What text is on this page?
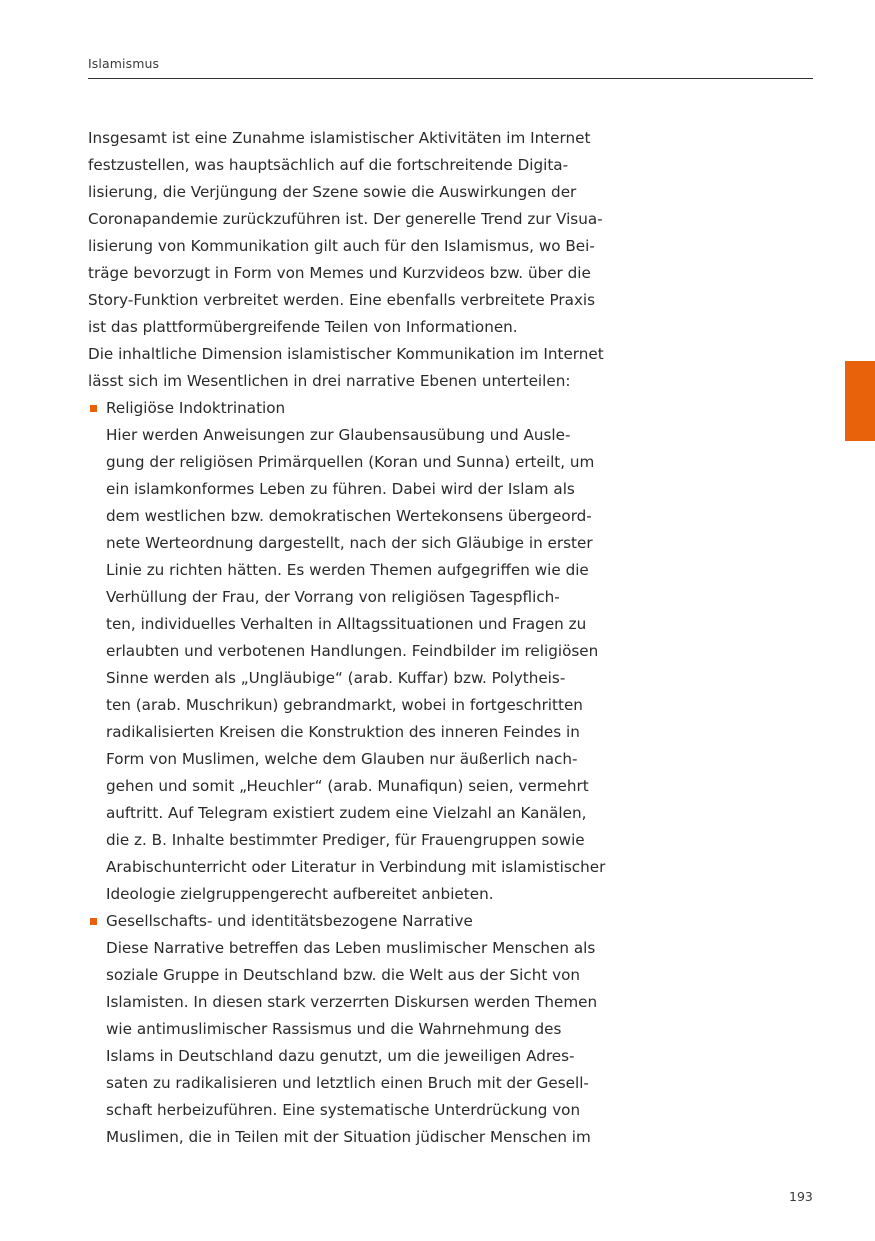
Islamismus
Insgesamt ist eine Zunahme islamistischer Aktivitäten im Internet
festzustellen, was hauptsächlich auf die fortschreitende Digita-
lisierung, die Verjüngung der Szene sowie die Auswirkungen der
Coronapandemie zurückzuführen ist. Der generelle Trend zur Visua-
lisierung von Kommunikation gilt auch für den Islamismus, wo Bei-
träge bevorzugt in Form von Memes und Kurzvideos bzw. über die
Story-Funktion verbreitet werden. Eine ebenfalls verbreitete Praxis
ist das plattformübergreifende Teilen von Informationen.
Die inhaltliche Dimension islamistischer Kommunikation im Internet
lässt sich im Wesentlichen in drei narrative Ebenen unterteilen:
Religiöse Indoktrination
Hier werden Anweisungen zur Glaubensausübung und Ausle-
gung der religiösen Primärquellen (Koran und Sunna) erteilt, um
ein islamkonformes Leben zu führen. Dabei wird der Islam als
dem westlichen bzw. demokratischen Wertekonsens übergeord-
nete Werteordnung dargestellt, nach der sich Gläubige in erster
Linie zu richten hätten. Es werden Themen aufgegriffen wie die
Verhüllung der Frau, der Vorrang von religiösen Tagespflich-
ten, individuelles Verhalten in Alltagssituationen und Fragen zu
erlaubten und verbotenen Handlungen. Feindbilder im religiösen
Sinne werden als „Ungläubige“ (arab. Kuffar) bzw. Polytheis-
ten (arab. Muschrikun) gebrandmarkt, wobei in fortgeschritten
radikalisierten Kreisen die Konstruktion des inneren Feindes in
Form von Muslimen, welche dem Glauben nur äußerlich nach-
gehen und somit „Heuchler“ (arab. Munafiqun) seien, vermehrt
auftritt. Auf Telegram existiert zudem eine Vielzahl an Kanälen,
die z. B. Inhalte bestimmter Prediger, für Frauengruppen sowie
Arabischunterricht oder Literatur in Verbindung mit islamistischer
Ideologie zielgruppengerecht aufbereitet anbieten.
Gesellschafts- und identitätsbezogene Narrative
Diese Narrative betreffen das Leben muslimischer Menschen als
soziale Gruppe in Deutschland bzw. die Welt aus der Sicht von
Islamisten. In diesen stark verzerrten Diskursen werden Themen
wie antimuslimischer Rassismus und die Wahrnehmung des
Islams in Deutschland dazu genutzt, um die jeweiligen Adres-
saten zu radikalisieren und letztlich einen Bruch mit der Gesell-
schaft herbeizuführen. Eine systematische Unterdrückung von
Muslimen, die in Teilen mit der Situation jüdischer Menschen im
193
